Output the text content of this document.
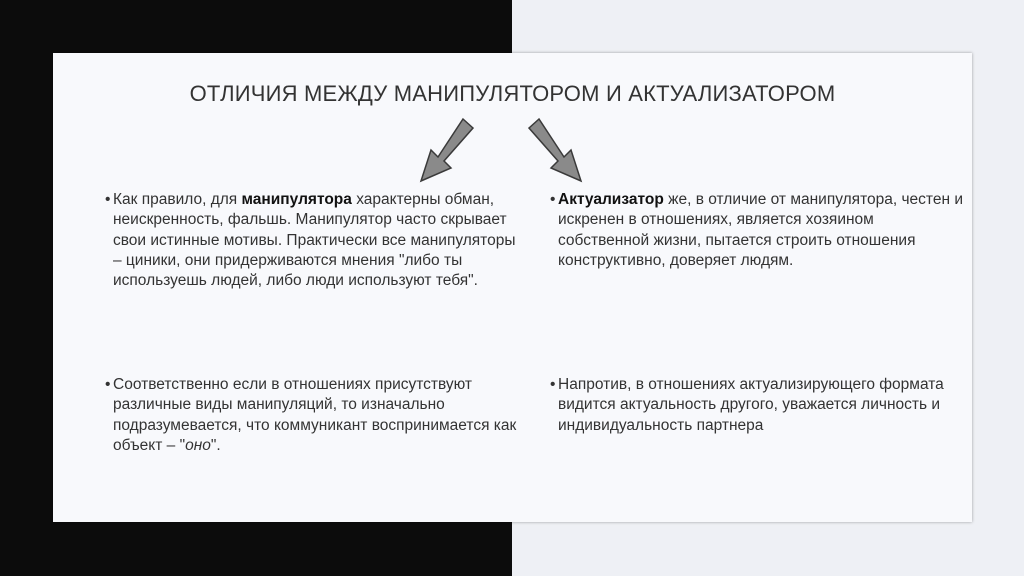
ОТЛИЧИЯ МЕЖДУ МАНИПУЛЯТОРОМ И АКТУАЛИЗАТОРОМ
• Как правило, для манипулятора характерны обман, неискренность, фальшь. Манипулятор часто скрывает свои истинные мотивы. Практически все манипуляторы – циники, они придерживаются мнения "либо ты используешь людей, либо люди используют тебя".
• Соответственно если в отношениях присутствуют различные виды манипуляций, то изначально подразумевается, что коммуникант воспринимается как объект – "оно".
• Актуализатор же, в отличие от манипулятора, честен и искренен в отношениях, является хозяином собственной жизни, пытается строить отношения конструктивно, доверяет людям.
• Напротив, в отношениях актуализирующего формата видится актуальность другого, уважается личность и индивидуальность партнера
